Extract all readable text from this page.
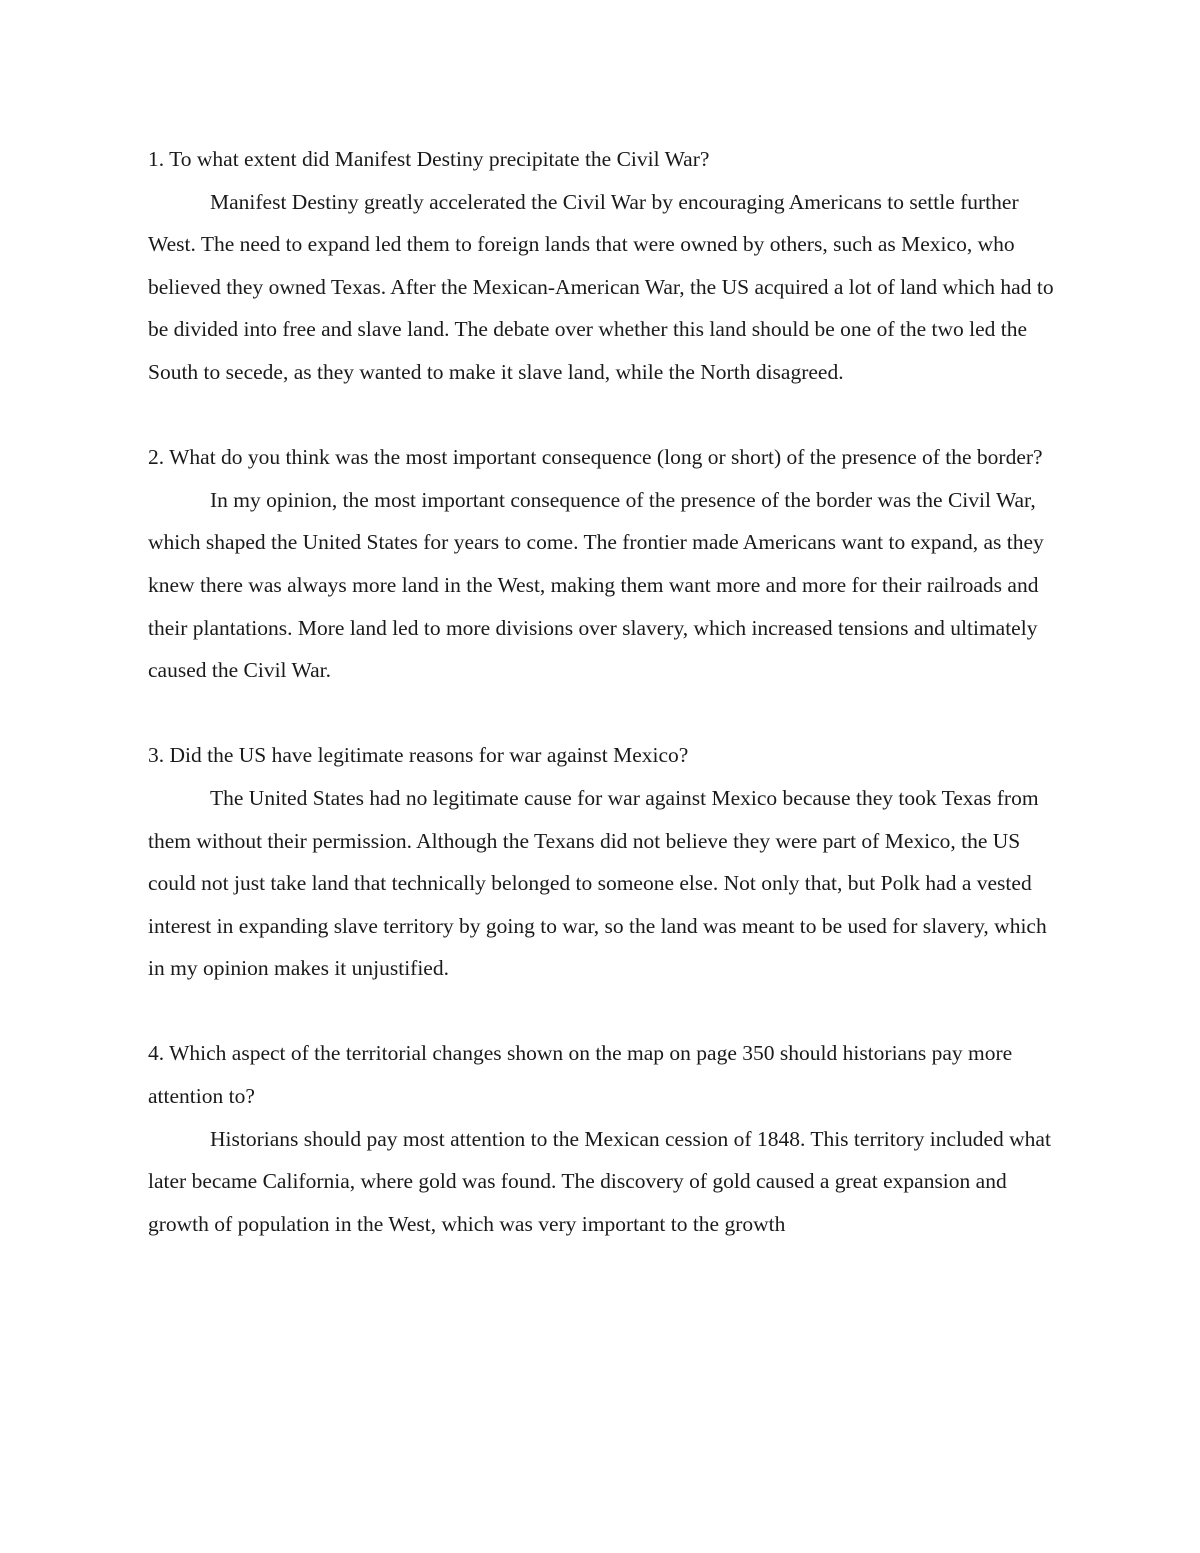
1. To what extent did Manifest Destiny precipitate the Civil War?

Manifest Destiny greatly accelerated the Civil War by encouraging Americans to settle further West. The need to expand led them to foreign lands that were owned by others, such as Mexico, who believed they owned Texas. After the Mexican-American War, the US acquired a lot of land which had to be divided into free and slave land. The debate over whether this land should be one of the two led the South to secede, as they wanted to make it slave land, while the North disagreed.

2. What do you think was the most important consequence (long or short) of the presence of the border?

In my opinion, the most important consequence of the presence of the border was the Civil War, which shaped the United States for years to come. The frontier made Americans want to expand, as they knew there was always more land in the West, making them want more and more for their railroads and their plantations. More land led to more divisions over slavery, which increased tensions and ultimately caused the Civil War.

3. Did the US have legitimate reasons for war against Mexico?

The United States had no legitimate cause for war against Mexico because they took Texas from them without their permission. Although the Texans did not believe they were part of Mexico, the US could not just take land that technically belonged to someone else. Not only that, but Polk had a vested interest in expanding slave territory by going to war, so the land was meant to be used for slavery, which in my opinion makes it unjustified.

4. Which aspect of the territorial changes shown on the map on page 350 should historians pay more attention to?

Historians should pay most attention to the Mexican cession of 1848. This territory included what later became California, where gold was found. The discovery of gold caused a great expansion and growth of population in the West, which was very important to the growth
